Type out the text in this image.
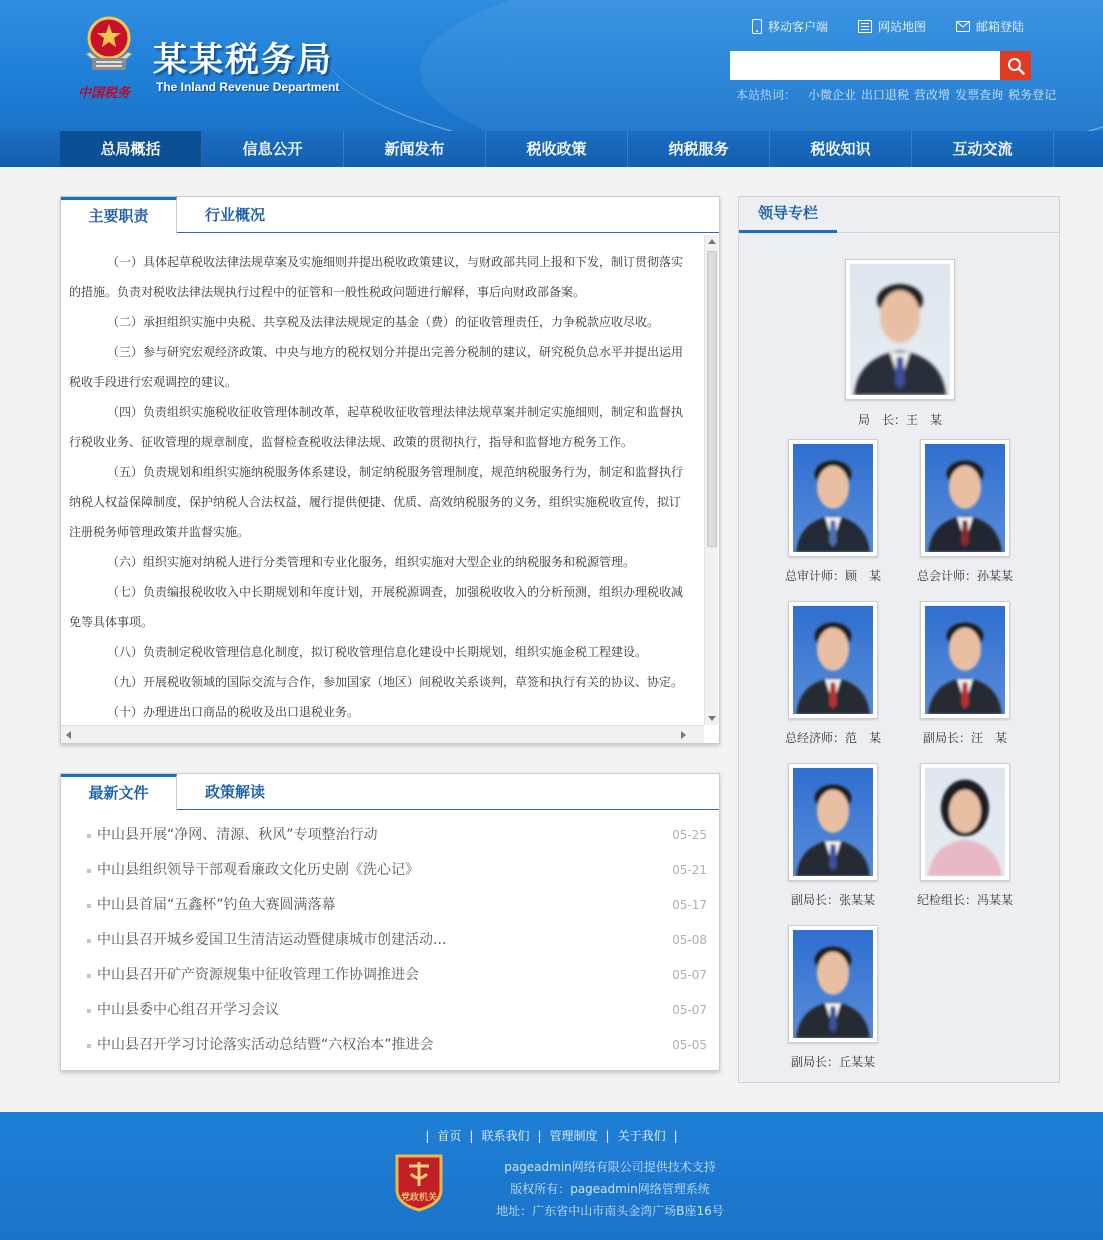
中国税务
某某税务局
The Inland Revenue Department
移动客户端	网站地图	邮箱登陆
本站热词： 小微企业 出口退税 营改增 发票查询 税务登记
总局概括	信息公开	新闻发布	税收政策	纳税服务	税收知识	互动交流
主要职责	行业概况

（一）具体起草税收法律法规草案及实施细则并提出税收政策建议，与财政部共同上报和下发，制订贯彻落实的措施。负责对税收法律法规执行过程中的征管和一般性税政问题进行解释，事后向财政部备案。

（二）承担组织实施中央税、共享税及法律法规规定的基金（费）的征收管理责任，力争税款应收尽收。

（三）参与研究宏观经济政策、中央与地方的税权划分并提出完善分税制的建议，研究税负总水平并提出运用税收手段进行宏观调控的建议。

（四）负责组织实施税收征收管理体制改革，起草税收征收管理法律法规草案并制定实施细则，制定和监督执行税收业务、征收管理的规章制度，监督检查税收法律法规、政策的贯彻执行，指导和监督地方税务工作。

（五）负责规划和组织实施纳税服务体系建设，制定纳税服务管理制度，规范纳税服务行为，制定和监督执行纳税人权益保障制度，保护纳税人合法权益，履行提供便捷、优质、高效纳税服务的义务，组织实施税收宣传，拟订注册税务师管理政策并监督实施。

（六）组织实施对纳税人进行分类管理和专业化服务，组织实施对大型企业的纳税服务和税源管理。

（七）负责编报税收收入中长期规划和年度计划，开展税源调查，加强税收收入的分析预测，组织办理税收减免等具体事项。

（八）负责制定税收管理信息化制度，拟订税收管理信息化建设中长期规划，组织实施金税工程建设。

（九）开展税收领域的国际交流与合作，参加国家（地区）间税收关系谈判，草签和执行有关的协议、协定。

（十）办理进出口商品的税收及出口退税业务。

最新文件	政策解读
中山县开展“净网、清源、秋风”专项整治行动	05-25
中山县组织领导干部观看廉政文化历史剧《洗心记》	05-21
中山县首届“五鑫杯”钓鱼大赛圆满落幕	05-17
中山县召开城乡爱国卫生清洁运动暨健康城市创建活动...	05-08
中山县召开矿产资源规集中征收管理工作协调推进会	05-07
中山县委中心组召开学习会议	05-07
中山县召开学习讨论落实活动总结暨“六权治本”推进会	05-05
领导专栏
局　长：王　某
总审计师：顾　某	总会计师：孙某某
总经济师：范　某	副局长：汪　某
副局长：张某某	纪检组长：冯某某
副局长：丘某某
| 首页 | 联系我们 | 管理制度 | 关于我们 |
党政机关
pageadmin网络有限公司提供技术支持
版权所有：pageadmin网络管理系统
地址：广东省中山市南头金湾广场B座16号
